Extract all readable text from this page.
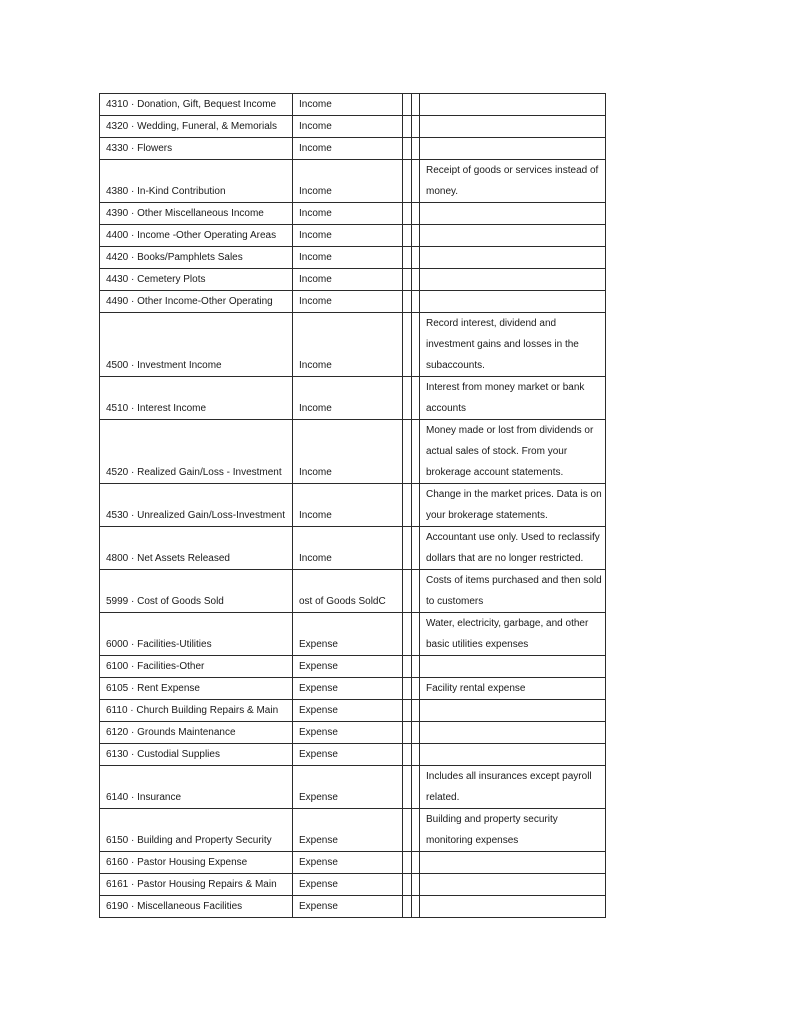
4310 · Donation, Gift, Bequest Income	Income			
4320 · Wedding, Funeral, & Memorials	Income			
4330 · Flowers	Income			
4380 · In-Kind Contribution	Income			Receipt of goods or services instead of money.
4390 · Other Miscellaneous Income	Income			
4400 · Income -Other Operating Areas	Income			
4420 · Books/Pamphlets Sales	Income			
4430 · Cemetery Plots	Income			
4490 · Other Income-Other Operating	Income			
4500 · Investment Income	Income			Record interest, dividend and investment gains and losses in the subaccounts.
4510 · Interest Income	Income			Interest from money market or bank accounts
4520 · Realized Gain/Loss - Investment	Income			Money made or lost from dividends or actual sales of stock. From your brokerage account statements.
4530 · Unrealized Gain/Loss-Investment	Income			Change in the market prices. Data is on your brokerage statements.
4800 · Net Assets Released	Income			Accountant use only. Used to reclassify dollars that are no longer restricted.
5999 · Cost of Goods Sold	ost of Goods SoldC			Costs of items purchased and then sold to customers
6000 · Facilities-Utilities	Expense			Water, electricity, garbage, and other basic utilities expenses
6100 · Facilities-Other	Expense			
6105 · Rent Expense	Expense			Facility rental expense
6110 · Church Building Repairs & Main	Expense			
6120 · Grounds Maintenance	Expense			
6130 · Custodial Supplies	Expense			
6140 · Insurance	Expense			Includes all insurances except payroll related.
6150 · Building and Property Security	Expense			Building and property security monitoring expenses
6160 · Pastor Housing Expense	Expense			
6161 · Pastor Housing Repairs & Main	Expense			
6190 · Miscellaneous Facilities	Expense			
